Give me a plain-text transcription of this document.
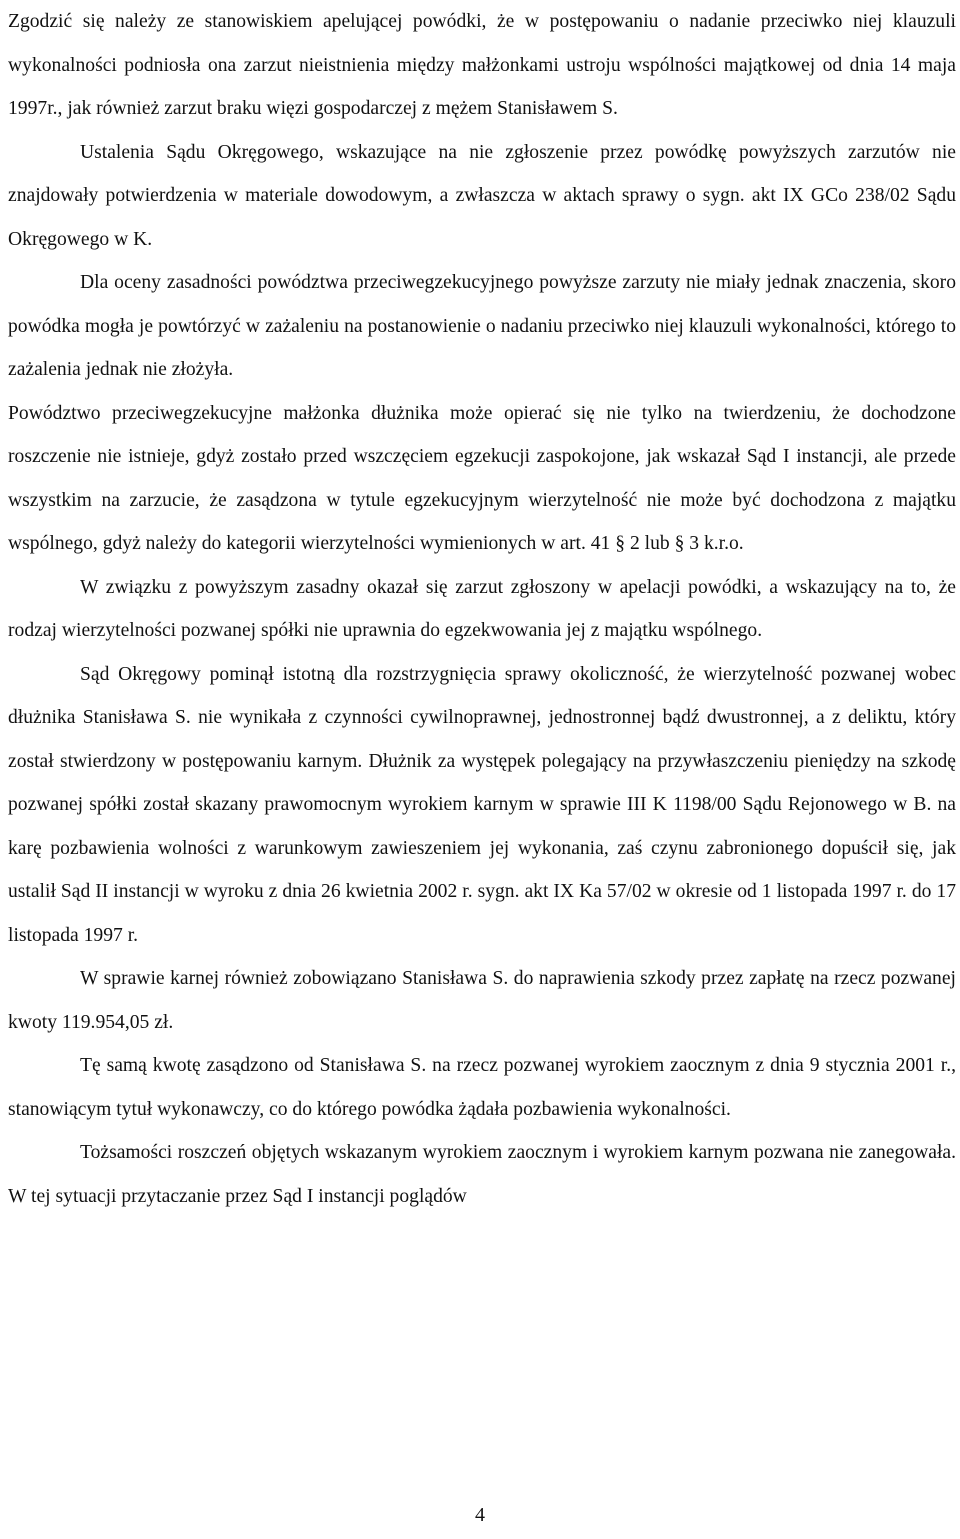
Zgodzić się należy ze stanowiskiem apelującej powódki, że w postępowaniu o nadanie przeciwko niej klauzuli wykonalności podniosła ona zarzut nieistnienia między małżonkami ustroju wspólności majątkowej od dnia 14 maja 1997r., jak również zarzut braku więzi gospodarczej z mężem Stanisławem S.

Ustalenia Sądu Okręgowego, wskazujące na nie zgłoszenie przez powódkę powyższych zarzutów nie znajdowały potwierdzenia w materiale dowodowym, a zwłaszcza w aktach sprawy o sygn. akt IX GCo 238/02 Sądu Okręgowego w K.

Dla oceny zasadności powództwa przeciwegzekucyjnego powyższe zarzuty nie miały jednak znaczenia, skoro powódka mogła je powtórzyć w zażaleniu na postanowienie o nadaniu przeciwko niej klauzuli wykonalności, którego to zażalenia jednak nie złożyła.

Powództwo przeciwegzekucyjne małżonka dłużnika może opierać się nie tylko na twierdzeniu, że dochodzone roszczenie nie istnieje, gdyż zostało przed wszczęciem egzekucji zaspokojone, jak wskazał Sąd I instancji, ale przede wszystkim na zarzucie, że zasądzona w tytule egzekucyjnym wierzytelność nie może być dochodzona z majątku wspólnego, gdyż należy do kategorii wierzytelności wymienionych w art. 41 § 2 lub § 3 k.r.o.

W związku z powyższym zasadny okazał się zarzut zgłoszony w apelacji powódki, a wskazujący na to, że rodzaj wierzytelności pozwanej spółki nie uprawnia do egzekwowania jej z majątku wspólnego.

Sąd Okręgowy pominął istotną dla rozstrzygnięcia sprawy okoliczność, że wierzytelność pozwanej wobec dłużnika Stanisława S. nie wynikała z czynności cywilnoprawnej, jednostronnej bądź dwustronnej, a z deliktu, który został stwierdzony w postępowaniu karnym. Dłużnik za występek polegający na przywłaszczeniu pieniędzy na szkodę pozwanej spółki został skazany prawomocnym wyrokiem karnym w sprawie III K 1198/00 Sądu Rejonowego w B. na karę pozbawienia wolności z warunkowym zawieszeniem jej wykonania, zaś czynu zabronionego dopuścił się, jak ustalił Sąd II instancji w wyroku z dnia 26 kwietnia 2002 r. sygn. akt IX Ka 57/02 w okresie od 1 listopada 1997 r. do 17 listopada 1997 r.

W sprawie karnej również zobowiązano Stanisława S. do naprawienia szkody przez zapłatę na rzecz pozwanej kwoty 119.954,05 zł.

Tę samą kwotę zasądzono od Stanisława S. na rzecz pozwanej wyrokiem zaocznym z dnia 9 stycznia 2001 r., stanowiącym tytuł wykonawczy, co do którego powódka żądała pozbawienia wykonalności.

Tożsamości roszczeń objętych wskazanym wyrokiem zaocznym i wyrokiem karnym pozwana nie zanegowała. W tej sytuacji przytaczanie przez Sąd I instancji poglądów

4
